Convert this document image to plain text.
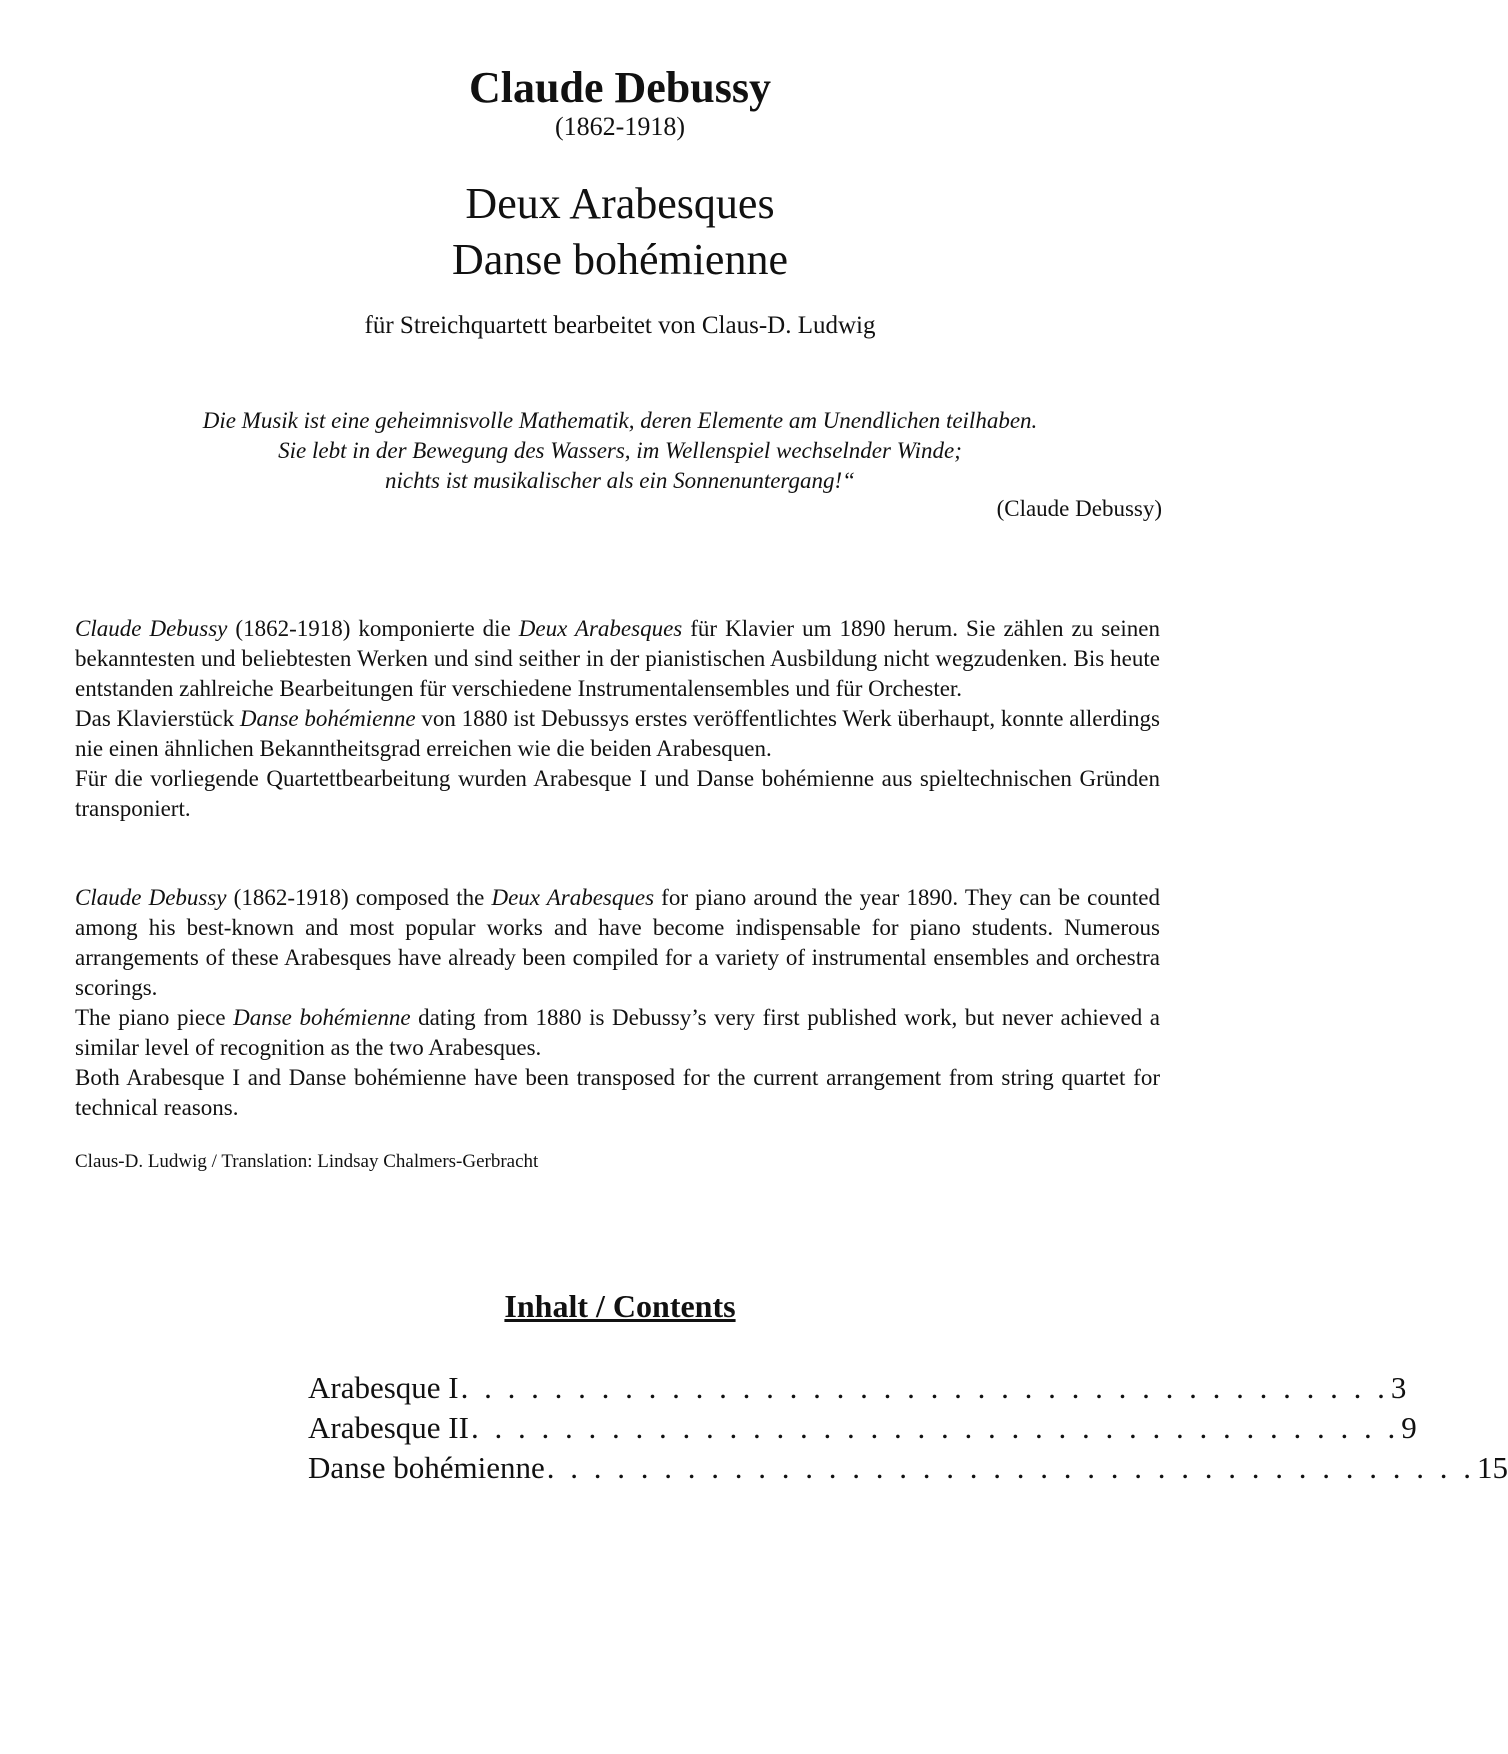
Claude Debussy
(1862-1918)
Deux Arabesques
Danse bohémienne
für Streichquartett bearbeitet von Claus-D. Ludwig
Die Musik ist eine geheimnisvolle Mathematik, deren Elemente am Unendlichen teilhaben.
Sie lebt in der Bewegung des Wassers, im Wellenspiel wechselnder Winde;
nichts ist musikalischer als ein Sonnenuntergang!“
(Claude Debussy)

Claude Debussy (1862-1918) komponierte die Deux Arabesques für Klavier um 1890 herum. Sie zählen zu seinen bekanntesten und beliebtesten Werken und sind seither in der pianistischen Ausbildung nicht wegzudenken. Bis heute entstanden zahlreiche Bearbeitungen für verschiedene Instrumentalensembles und für Orchester.

Das Klavierstück Danse bohémienne von 1880 ist Debussys erstes veröffentlichtes Werk überhaupt, konnte allerdings nie einen ähnlichen Bekanntheitsgrad erreichen wie die beiden Arabesquen.

Für die vorliegende Quartettbearbeitung wurden Arabesque I und Danse bohémienne aus spieltechnischen Gründen transponiert.

Claude Debussy (1862-1918) composed the Deux Arabesques for piano around the year 1890. They can be counted among his best-known and most popular works and have become indispensable for piano students. Numerous arrangements of these Arabesques have already been compiled for a variety of instrumental ensembles and orchestra scorings.

The piano piece Danse bohémienne dating from 1880 is Debussy’s very first published work, but never achieved a similar level of recognition as the two Arabesques.

Both Arabesque I and Danse bohémienne have been transposed for the current arrangement from string quartet for technical reasons.

Claus-D. Ludwig / Translation: Lindsay Chalmers-Gerbracht
Inhalt / Contents
Arabesque I . . . . . . . . . . . . . . . . . . . . . . . . . . . . . . . . . . . . . . . . 3
Arabesque II . . . . . . . . . . . . . . . . . . . . . . . . . . . . . . . . . . . . . . . . 9
Danse bohémienne . . . . . . . . . . . . . . . . . . . . . . . . . . . . . . . . . . . . . . . . 15
